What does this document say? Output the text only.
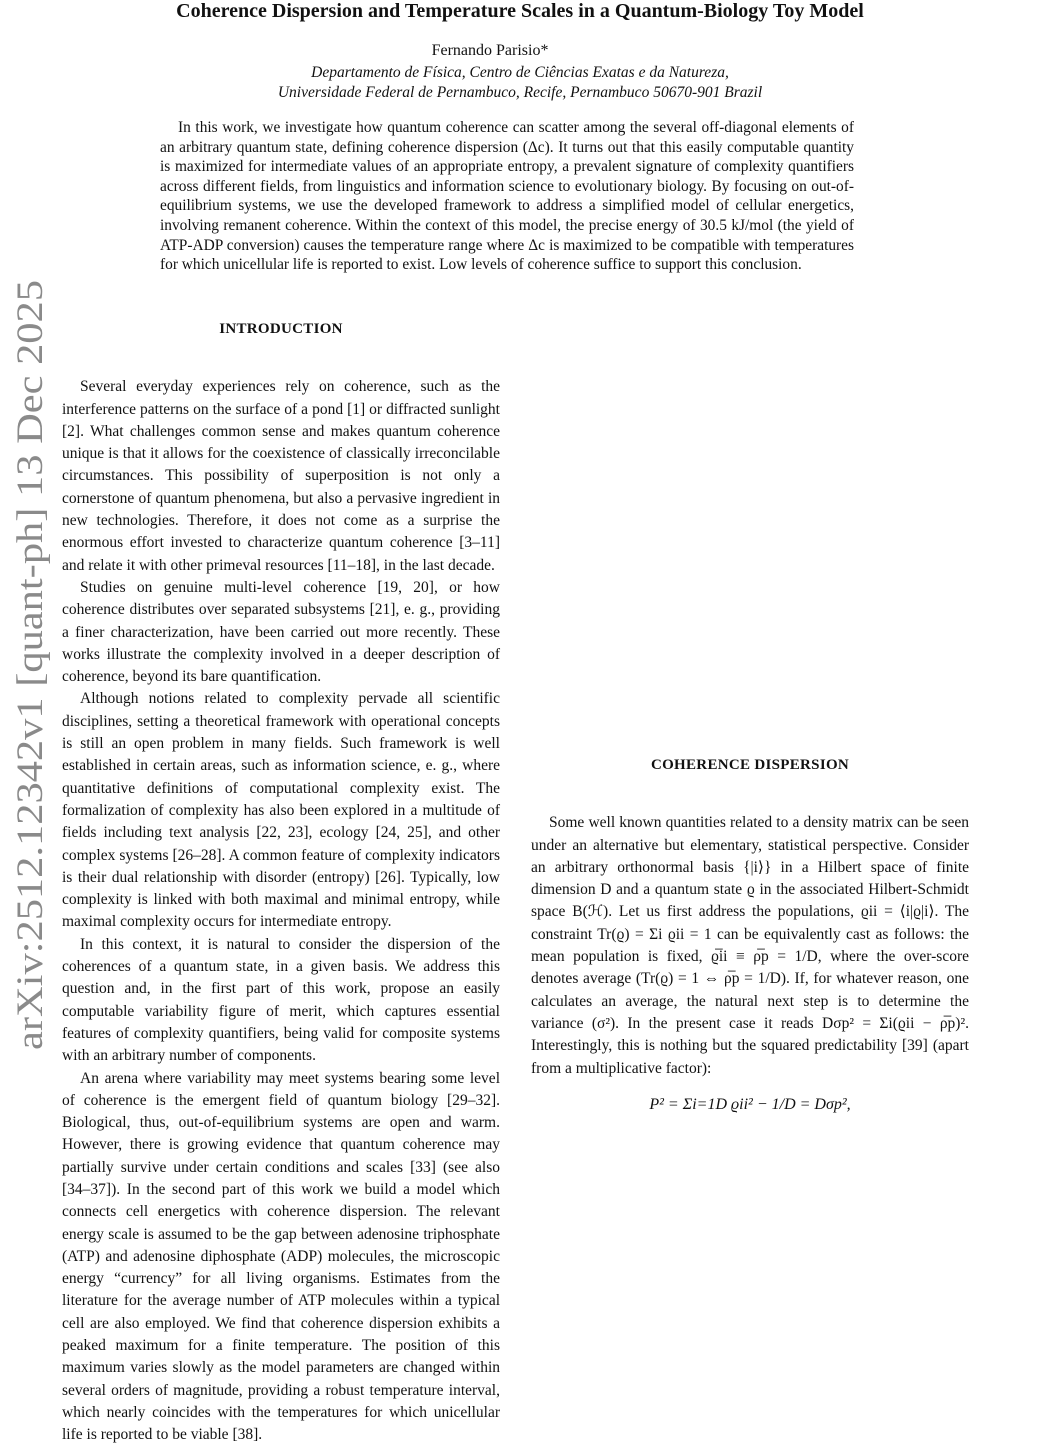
arXiv:2512.12342v1 [quant-ph] 13 Dec 2025
Coherence Dispersion and Temperature Scales in a Quantum-Biology Toy Model
Fernando Parisio*
Departamento de Física, Centro de Ciências Exatas e da Natureza,
Universidade Federal de Pernambuco, Recife, Pernambuco 50670-901 Brazil

In this work, we investigate how quantum coherence can scatter among the several off-diagonal elements of an arbitrary quantum state, defining coherence dispersion (Δc). It turns out that this easily computable quantity is maximized for intermediate values of an appropriate entropy, a prevalent signature of complexity quantifiers across different fields, from linguistics and information science to evolutionary biology. By focusing on out-of-equilibrium systems, we use the developed framework to address a simplified model of cellular energetics, involving remanent coherence. Within the context of this model, the precise energy of 30.5 kJ/mol (the yield of ATP-ADP conversion) causes the temperature range where Δc is maximized to be compatible with temperatures for which unicellular life is reported to exist. Low levels of coherence suffice to support this conclusion.

INTRODUCTION

Several everyday experiences rely on coherence, such as the interference patterns on the surface of a pond [1] or diffracted sunlight [2]. What challenges common sense and makes quantum coherence unique is that it allows for the coexistence of classically irreconcilable circumstances. This possibility of superposition is not only a cornerstone of quantum phenomena, but also a pervasive ingredient in new technologies. Therefore, it does not come as a surprise the enormous effort invested to characterize quantum coherence [3–11] and relate it with other primeval resources [11–18], in the last decade.

Studies on genuine multi-level coherence [19, 20], or how coherence distributes over separated subsystems [21], e. g., providing a finer characterization, have been carried out more recently. These works illustrate the complexity involved in a deeper description of coherence, beyond its bare quantification.

Although notions related to complexity pervade all scientific disciplines, setting a theoretical framework with operational concepts is still an open problem in many fields. Such framework is well established in certain areas, such as information science, e. g., where quantitative definitions of computational complexity exist. The formalization of complexity has also been explored in a multitude of fields including text analysis [22, 23], ecology [24, 25], and other complex systems [26–28]. A common feature of complexity indicators is their dual relationship with disorder (entropy) [26]. Typically, low complexity is linked with both maximal and minimal entropy, while maximal complexity occurs for intermediate entropy.

In this context, it is natural to consider the dispersion of the coherences of a quantum state, in a given basis. We address this question and, in the first part of this work, propose an easily computable variability figure of merit, which captures essential features of complexity quantifiers, being valid for composite systems with an arbitrary number of components.

An arena where variability may meet systems bearing some level of coherence is the emergent field of quantum biology [29–32]. Biological, thus, out-of-equilibrium systems are open and warm. However, there is growing evidence that quantum coherence may partially survive under certain conditions and scales [33] (see also [34–37]). In the second part of this work we build a model which connects cell energetics with coherence dispersion. The relevant energy scale is assumed to be the gap between adenosine triphosphate (ATP) and adenosine diphosphate (ADP) molecules, the microscopic energy “currency” for all living organisms. Estimates from the literature for the average number of ATP molecules within a typical cell are also employed. We find that coherence dispersion exhibits a peaked maximum for a finite temperature. The position of this maximum varies slowly as the model parameters are changed within several orders of magnitude, providing a robust temperature interval, which nearly coincides with the temperatures for which unicellular life is reported to be viable [38].

COHERENCE DISPERSION

Some well known quantities related to a density matrix can be seen under an alternative but elementary, statistical perspective. Consider an arbitrary orthonormal basis {|i⟩} in a Hilbert space of finite dimension D and a quantum state ϱ in the associated Hilbert-Schmidt space B(ℋ). Let us first address the populations, ϱii = ⟨i|ϱ|i⟩. The constraint Tr(ϱ) = Σi ϱii = 1 can be equivalently cast as follows: the mean population is fixed, ϱ̅ii ≡ ρ̅p = 1/D, where the over-score denotes average (Tr(ϱ) = 1 ⇔ ρ̅p = 1/D). If, for whatever reason, one calculates an average, the natural next step is to determine the variance (σ²). In the present case it reads Dσp² = Σi(ϱii − ρ̅p)². Interestingly, this is nothing but the squared predictability [39] (apart from a multiplicative factor):

P² = Σi=1D ϱii² − 1/D = Dσp²,
